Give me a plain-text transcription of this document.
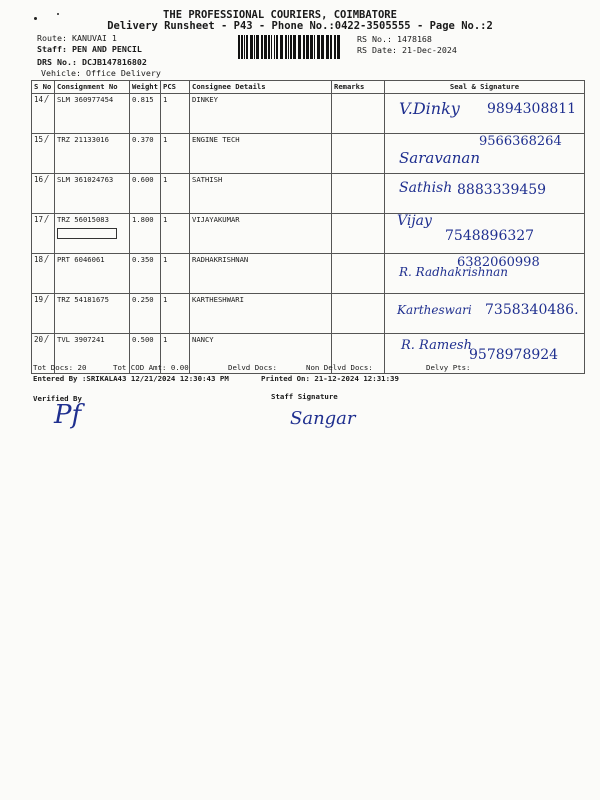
THE PROFESSIONAL COURIERS, COIMBATORE
Delivery Runsheet - P43 - Phone No.:0422-3505555 - Page No.:2
Route: KANUVAI 1
Staff: PEN AND PENCIL
DRS No.: DCJB147816802
Vehicle: Office Delivery
RS No.: 1478168
RS Date: 21-Dec-2024
S No	Consignment No	Weight	PCS	Consignee Details	Remarks	Seal & Signature
14 /	SLM 360977454	0.815	1	DINKEY		V.Dinky 9894308811

15 /	TRZ 21133016	0.370	1	ENGINE TECH		Saravanan
9566368264

16 /	SLM 361024763	0.600	1	SATHISH		Sathish 8883339459

17 /	TRZ 56015083	1.800	1	VIJAYAKUMAR		Vijay
7548896327

18 /	PRT 6046061	0.350	1	RADHAKRISHNAN		R. Radhakrishnan
6382060998

19 /	TRZ 54181675	0.250	1	KARTHESHWARI		Kartheswari 7358340486.

20 /	TVL 3907241	0.500	1	NANCY		R. Ramesh
9578978924
Tot Docs: 20	Tot COD Amt: 0.00	Delvd Docs:	Non Delvd Docs:	Delvy Pts:
Entered By :SRIKALA43 12/21/2024 12:30:43 PM	Printed On: 21-12-2024 12:31:39
Verified By	Staff Signature
Pf	Sangar
